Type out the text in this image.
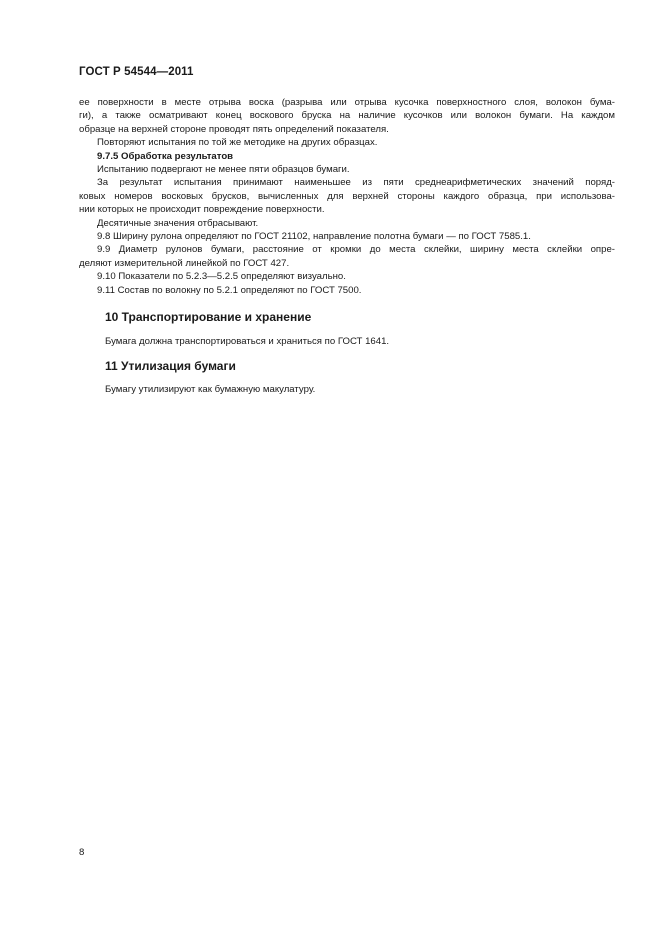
ГОСТ Р 54544—2011
ее поверхности в месте отрыва воска (разрыва или отрыва кусочка поверхностного слоя, волокон бума-
ги), а также осматривают конец воскового бруска на наличие кусочков или волокон бумаги. На каждом
образце на верхней стороне проводят пять определений показателя.
Повторяют испытания по той же методике на других образцах.
9.7.5 Обработка результатов
Испытанию подвергают не менее пяти образцов бумаги.
За результат испытания принимают наименьшее из пяти среднеарифметических значений поряд-
ковых номеров восковых брусков, вычисленных для верхней стороны каждого образца, при использова-
нии которых не происходит повреждение поверхности.
Десятичные значения отбрасывают.
9.8 Ширину рулона определяют по ГОСТ 21102, направление полотна бумаги — по ГОСТ 7585.1.
9.9 Диаметр рулонов бумаги, расстояние от кромки до места склейки, ширину места склейки опре-
деляют измерительной линейкой по ГОСТ 427.
9.10 Показатели по 5.2.3—5.2.5 определяют визуально.
9.11 Состав по волокну по 5.2.1 определяют по ГОСТ 7500.
10 Транспортирование и хранение
Бумага должна транспортироваться и храниться по ГОСТ 1641.
11 Утилизация бумаги
Бумагу утилизируют как бумажную макулатуру.
8
